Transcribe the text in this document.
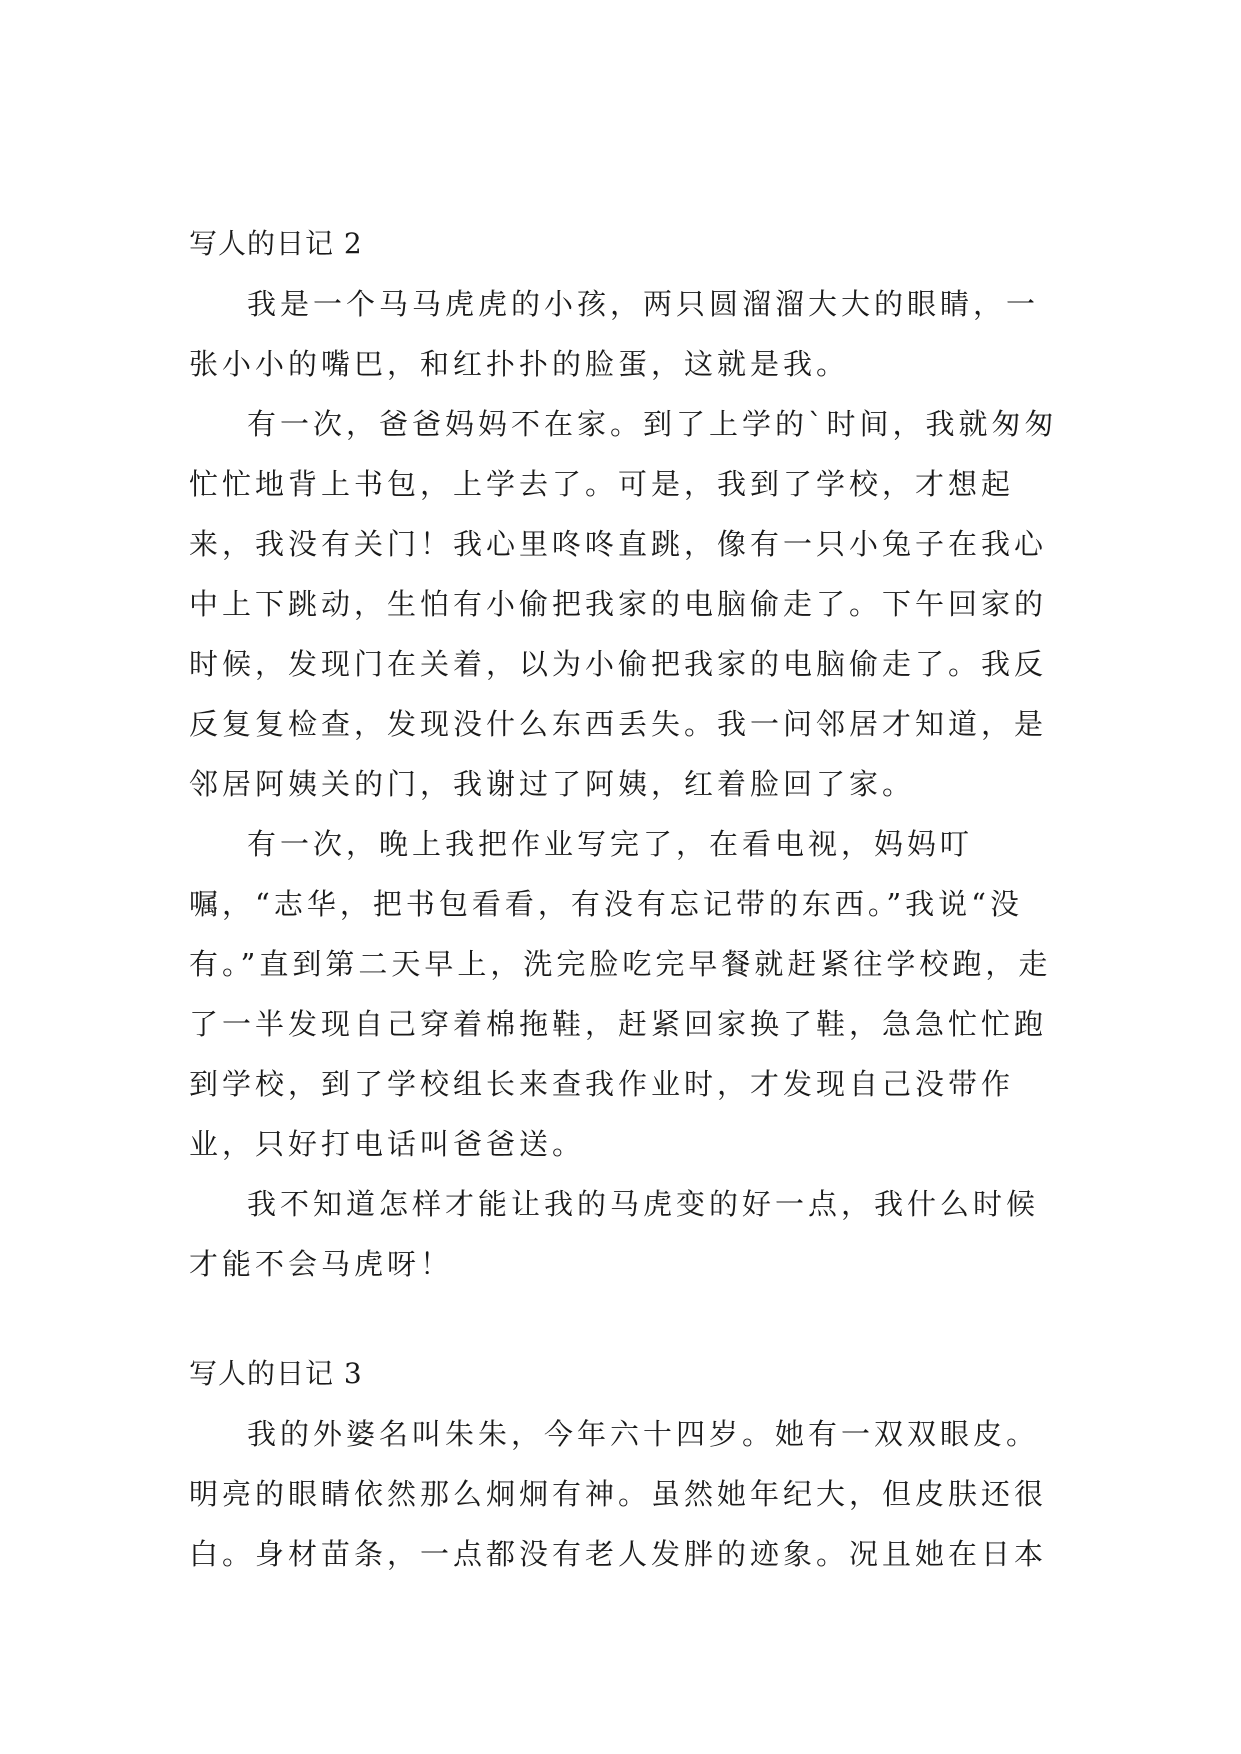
写人的日记 2

我是一个马马虎虎的小孩，两只圆溜溜大大的眼睛，一张小小的嘴巴，和红扑扑的脸蛋，这就是我。

有一次，爸爸妈妈不在家。到了上学的`时间，我就匆匆忙忙地背上书包，上学去了。可是，我到了学校，才想起来，我没有关门！我心里咚咚直跳，像有一只小兔子在我心中上下跳动，生怕有小偷把我家的电脑偷走了。下午回家的时候，发现门在关着，以为小偷把我家的电脑偷走了。我反反复复检查，发现没什么东西丢失。我一问邻居才知道，是邻居阿姨关的门，我谢过了阿姨，红着脸回了家。

有一次，晚上我把作业写完了，在看电视，妈妈叮嘱，“志华，把书包看看，有没有忘记带的东西。”我说“没有。”直到第二天早上，洗完脸吃完早餐就赶紧往学校跑，走了一半发现自己穿着棉拖鞋，赶紧回家换了鞋，急急忙忙跑到学校，到了学校组长来查我作业时，才发现自己没带作业，只好打电话叫爸爸送。

我不知道怎样才能让我的马虎变的好一点，我什么时候才能不会马虎呀！

写人的日记 3

我的外婆名叫朱朱，今年六十四岁。她有一双双眼皮。明亮的眼睛依然那么炯炯有神。虽然她年纪大，但皮肤还很白。身材苗条，一点都没有老人发胖的迹象。况且她在日本
